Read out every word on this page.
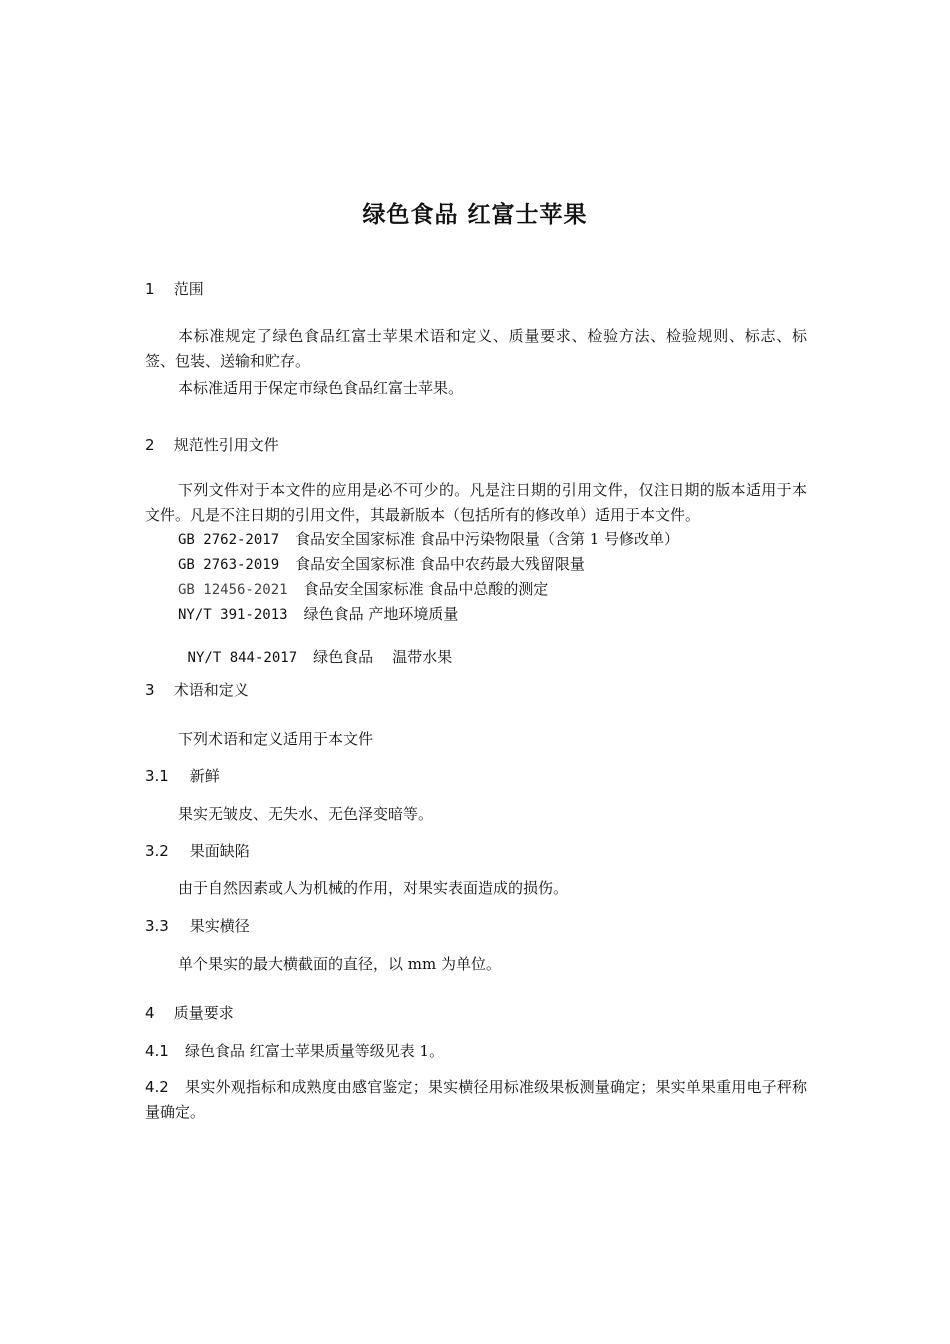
绿色食品 红富士苹果
1 范围

本标准规定了绿色食品红富士苹果术语和定义、质量要求、检验方法、检验规则、标志、标签、包装、送输和贮存。

本标准适用于保定市绿色食品红富士苹果。

2 规范性引用文件

下列文件对于本文件的应用是必不可少的。凡是注日期的引用文件，仅注日期的版本适用于本文件。凡是不注日期的引用文件，其最新版本（包括所有的修改单）适用于本文件。

GB 2762-2017 食品安全国家标准 食品中污染物限量（含第 1 号修改单）
GB 2763-2019 食品安全国家标准 食品中农药最大残留限量
GB 12456-2021 食品安全国家标准 食品中总酸的测定
NY/T 391-2013 绿色食品 产地环境质量

NY/T 844-2017 绿色食品    温带水果

3 术语和定义

下列术语和定义适用于本文件

3.1 新鲜

果实无皱皮、无失水、无色泽变暗等。

3.2 果面缺陷

由于自然因素或人为机械的作用，对果实表面造成的损伤。

3.3 果实横径

单个果实的最大横截面的直径，以 mm 为单位。

4 质量要求
4.1 绿色食品 红富士苹果质量等级见表 1。
4.2 果实外观指标和成熟度由感官鉴定；果实横径用标准级果板测量确定；果实单果重用电子秤称量确定。
